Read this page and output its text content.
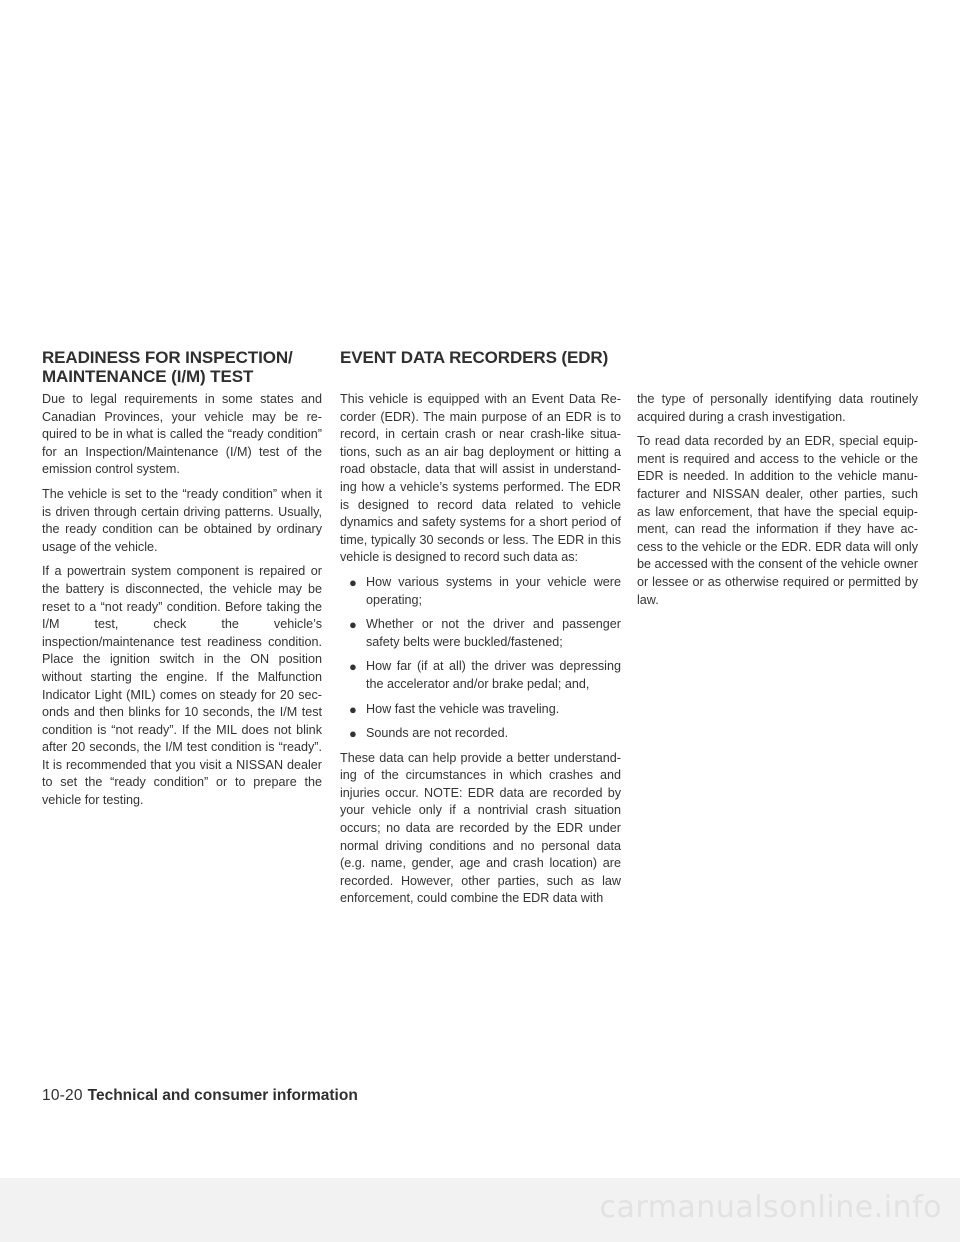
READINESS FOR INSPECTION/
MAINTENANCE (I/M) TEST
EVENT DATA RECORDERS (EDR)

Due to legal requirements in some states and Canadian Provinces, your vehicle may be required to be in what is called the “ready condition” for an Inspection/Maintenance (I/M) test of the emission control system.

The vehicle is set to the “ready condition” when it is driven through certain driving patterns. Usually, the ready condition can be obtained by ordinary usage of the vehicle.

If a powertrain system component is repaired or the battery is disconnected, the vehicle may be reset to a “not ready” condition. Before taking the I/M test, check the vehicle’s inspection/maintenance test readiness condition. Place the ignition switch in the ON position without starting the engine. If the Malfunction Indicator Light (MIL) comes on steady for 20 seconds and then blinks for 10 seconds, the I/M test condition is “not ready”. If the MIL does not blink after 20 seconds, the I/M test condition is “ready”. It is recommended that you visit a NISSAN dealer to set the “ready condition” or to prepare the vehicle for testing.

This vehicle is equipped with an Event Data Recorder (EDR). The main purpose of an EDR is to record, in certain crash or near crash-like situations, such as an air bag deployment or hitting a road obstacle, data that will assist in understanding how a vehicle’s systems performed. The EDR is designed to record data related to vehicle dynamics and safety systems for a short period of time, typically 30 seconds or less. The EDR in this vehicle is designed to record such data as:

● How various systems in your vehicle were operating;
● Whether or not the driver and passenger safety belts were buckled/fastened;
● How far (if at all) the driver was depressing the accelerator and/or brake pedal; and,
● How fast the vehicle was traveling.
● Sounds are not recorded.

These data can help provide a better understanding of the circumstances in which crashes and injuries occur. NOTE: EDR data are recorded by your vehicle only if a nontrivial crash situation occurs; no data are recorded by the EDR under normal driving conditions and no personal data (e.g. name, gender, age and crash location) are recorded. However, other parties, such as law enforcement, could combine the EDR data with

the type of personally identifying data routinely acquired during a crash investigation.

To read data recorded by an EDR, special equipment is required and access to the vehicle or the EDR is needed. In addition to the vehicle manufacturer and NISSAN dealer, other parties, such as law enforcement, that have the special equipment, can read the information if they have access to the vehicle or the EDR. EDR data will only be accessed with the consent of the vehicle owner or lessee or as otherwise required or permitted by law.

10-20 Technical and consumer information
carmanualsonline.info
